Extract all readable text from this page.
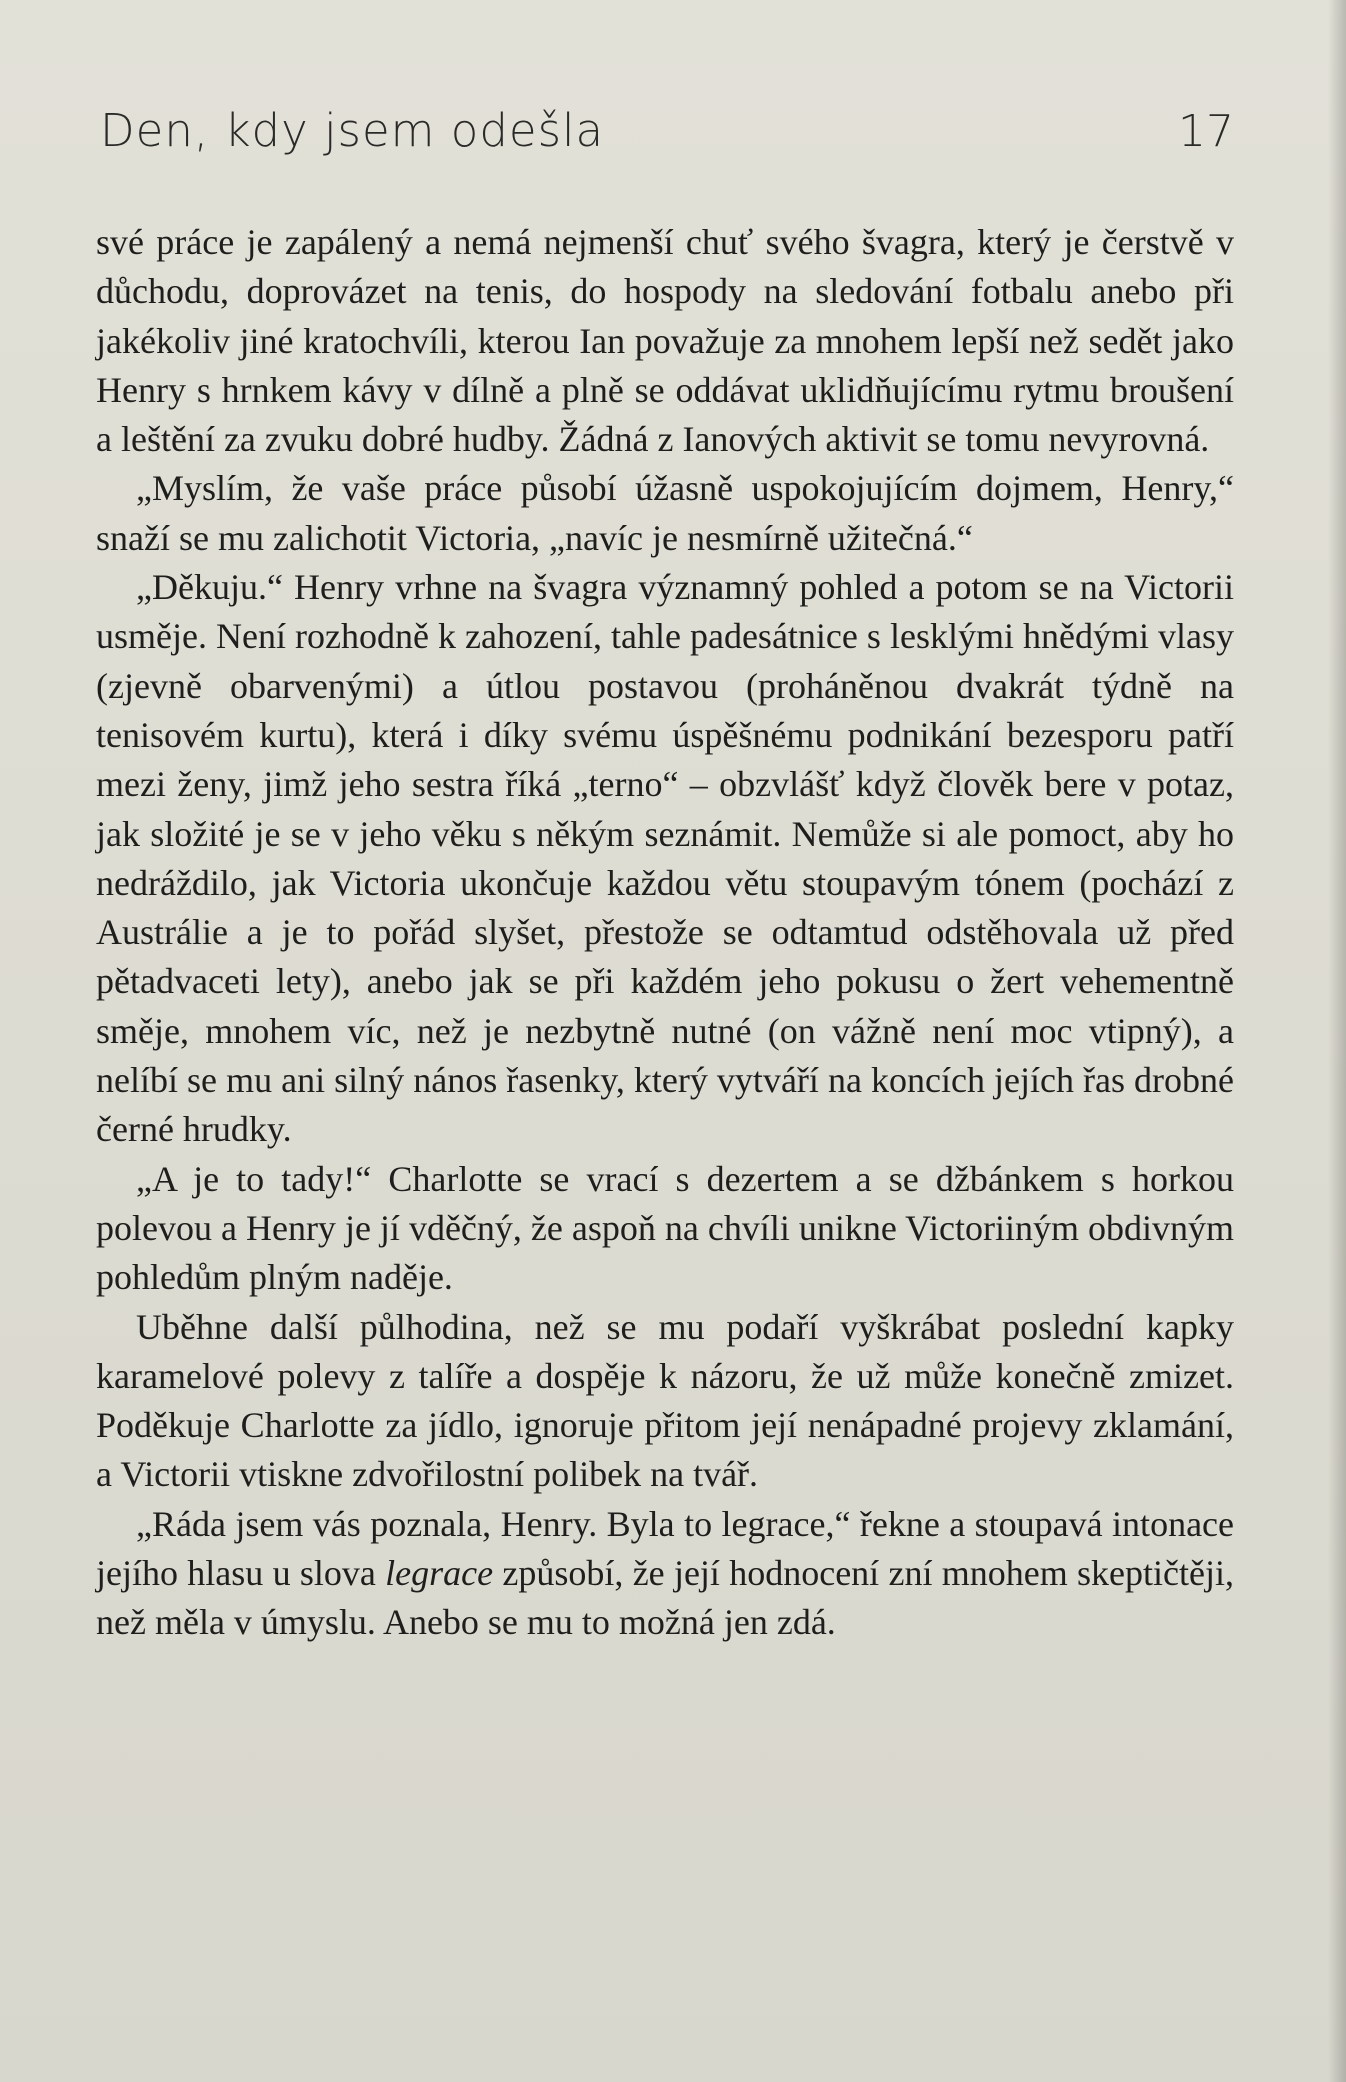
Den, kdy jsem odešla	17

své práce je zapálený a nemá nejmenší chuť svého švagra, který je čerstvě v důchodu, doprovázet na tenis, do hospody na sledování fotbalu anebo při jakékoliv jiné kratochvíli, kterou Ian považuje za mnohem lepší než sedět jako Henry s hrnkem kávy v dílně a plně se oddávat uklidňujícímu rytmu broušení a leštění za zvuku dobré hudby. Žádná z Ianových aktivit se tomu nevyrovná.

„Myslím, že vaše práce působí úžasně uspokojujícím dojmem, Henry,“ snaží se mu zalichotit Victoria, „navíc je nesmírně užitečná.“

„Děkuju.“ Henry vrhne na švagra významný pohled a potom se na Victorii usměje. Není rozhodně k zahození, tahle padesátnice s lesklými hnědými vlasy (zjevně obarvenými) a útlou postavou (proháněnou dvakrát týdně na tenisovém kurtu), která i díky svému úspěšnému podnikání bezesporu patří mezi ženy, jimž jeho sestra říká „terno“ – obzvlášť když člověk bere v potaz, jak složité je se v jeho věku s někým seznámit. Nemůže si ale pomoct, aby ho nedráždilo, jak Victoria ukončuje každou větu stoupavým tónem (pochází z Austrálie a je to pořád slyšet, přestože se odtamtud odstěhovala už před pětadvaceti lety), anebo jak se při každém jeho pokusu o žert vehementně směje, mnohem víc, než je nezbytně nutné (on vážně není moc vtipný), a nelíbí se mu ani silný nános řasenky, který vytváří na koncích jejích řas drobné černé hrudky.

„A je to tady!“ Charlotte se vrací s dezertem a se džbánkem s horkou polevou a Henry je jí vděčný, že aspoň na chvíli unikne Victoriiným obdivným pohledům plným naděje.

Uběhne další půlhodina, než se mu podaří vyškrábat poslední kapky karamelové polevy z talíře a dospěje k názoru, že už může konečně zmizet. Poděkuje Charlotte za jídlo, ignoruje přitom její nenápadné projevy zklamání, a Victorii vtiskne zdvořilostní polibek na tvář.

„Ráda jsem vás poznala, Henry. Byla to legrace,“ řekne a stoupavá intonace jejího hlasu u slova legrace způsobí, že její hodnocení zní mnohem skeptičtěji, než měla v úmyslu. Anebo se mu to možná jen zdá.
